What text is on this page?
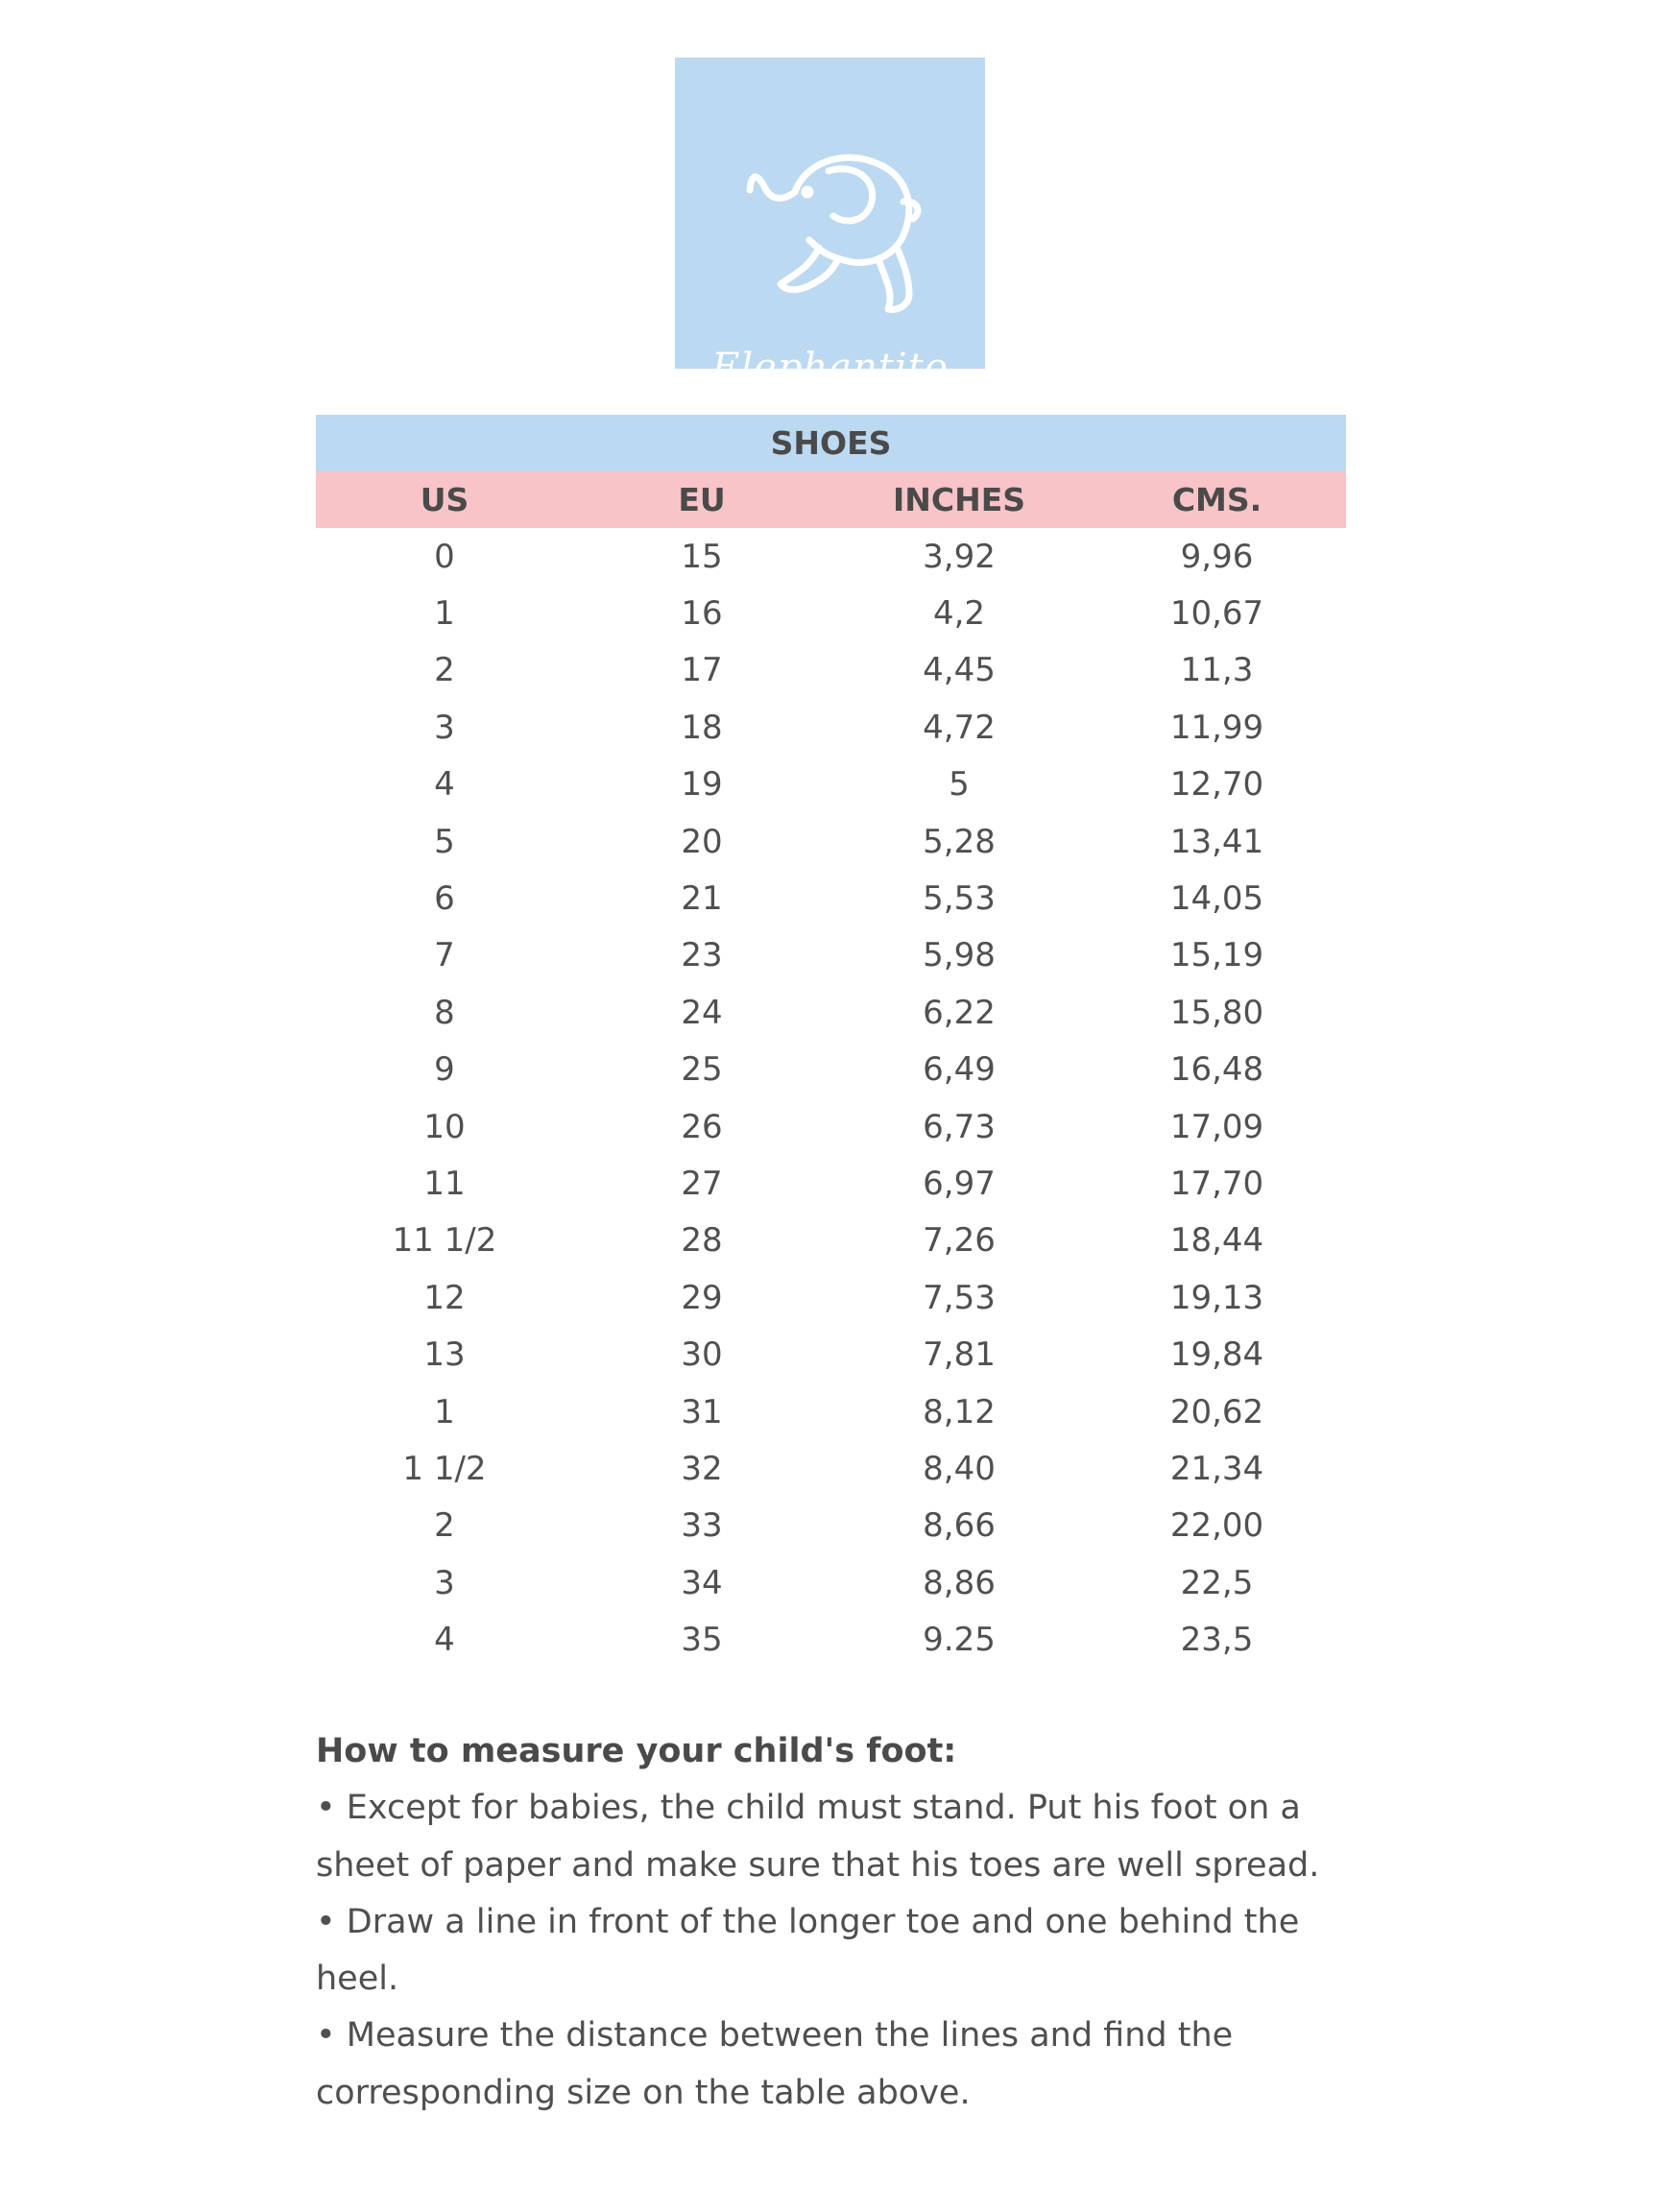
Elephantito
SHOES
US	EU	INCHES	CMS.
0	15	3,92	9,96
1	16	4,2	10,67
2	17	4,45	11,3
3	18	4,72	11,99
4	19	5	12,70
5	20	5,28	13,41
6	21	5,53	14,05
7	23	5,98	15,19
8	24	6,22	15,80
9	25	6,49	16,48
10	26	6,73	17,09
11	27	6,97	17,70
11 1/2	28	7,26	18,44
12	29	7,53	19,13
13	30	7,81	19,84
1	31	8,12	20,62
1 1/2	32	8,40	21,34
2	33	8,66	22,00
3	34	8,86	22,5
4	35	9.25	23,5
How to measure your child's foot:

• Except for babies, the child must stand. Put his foot on a sheet of paper and make sure that his toes are well spread.

• Draw a line in front of the longer toe and one behind the heel.

• Measure the distance between the lines and find the corresponding size on the table above.
